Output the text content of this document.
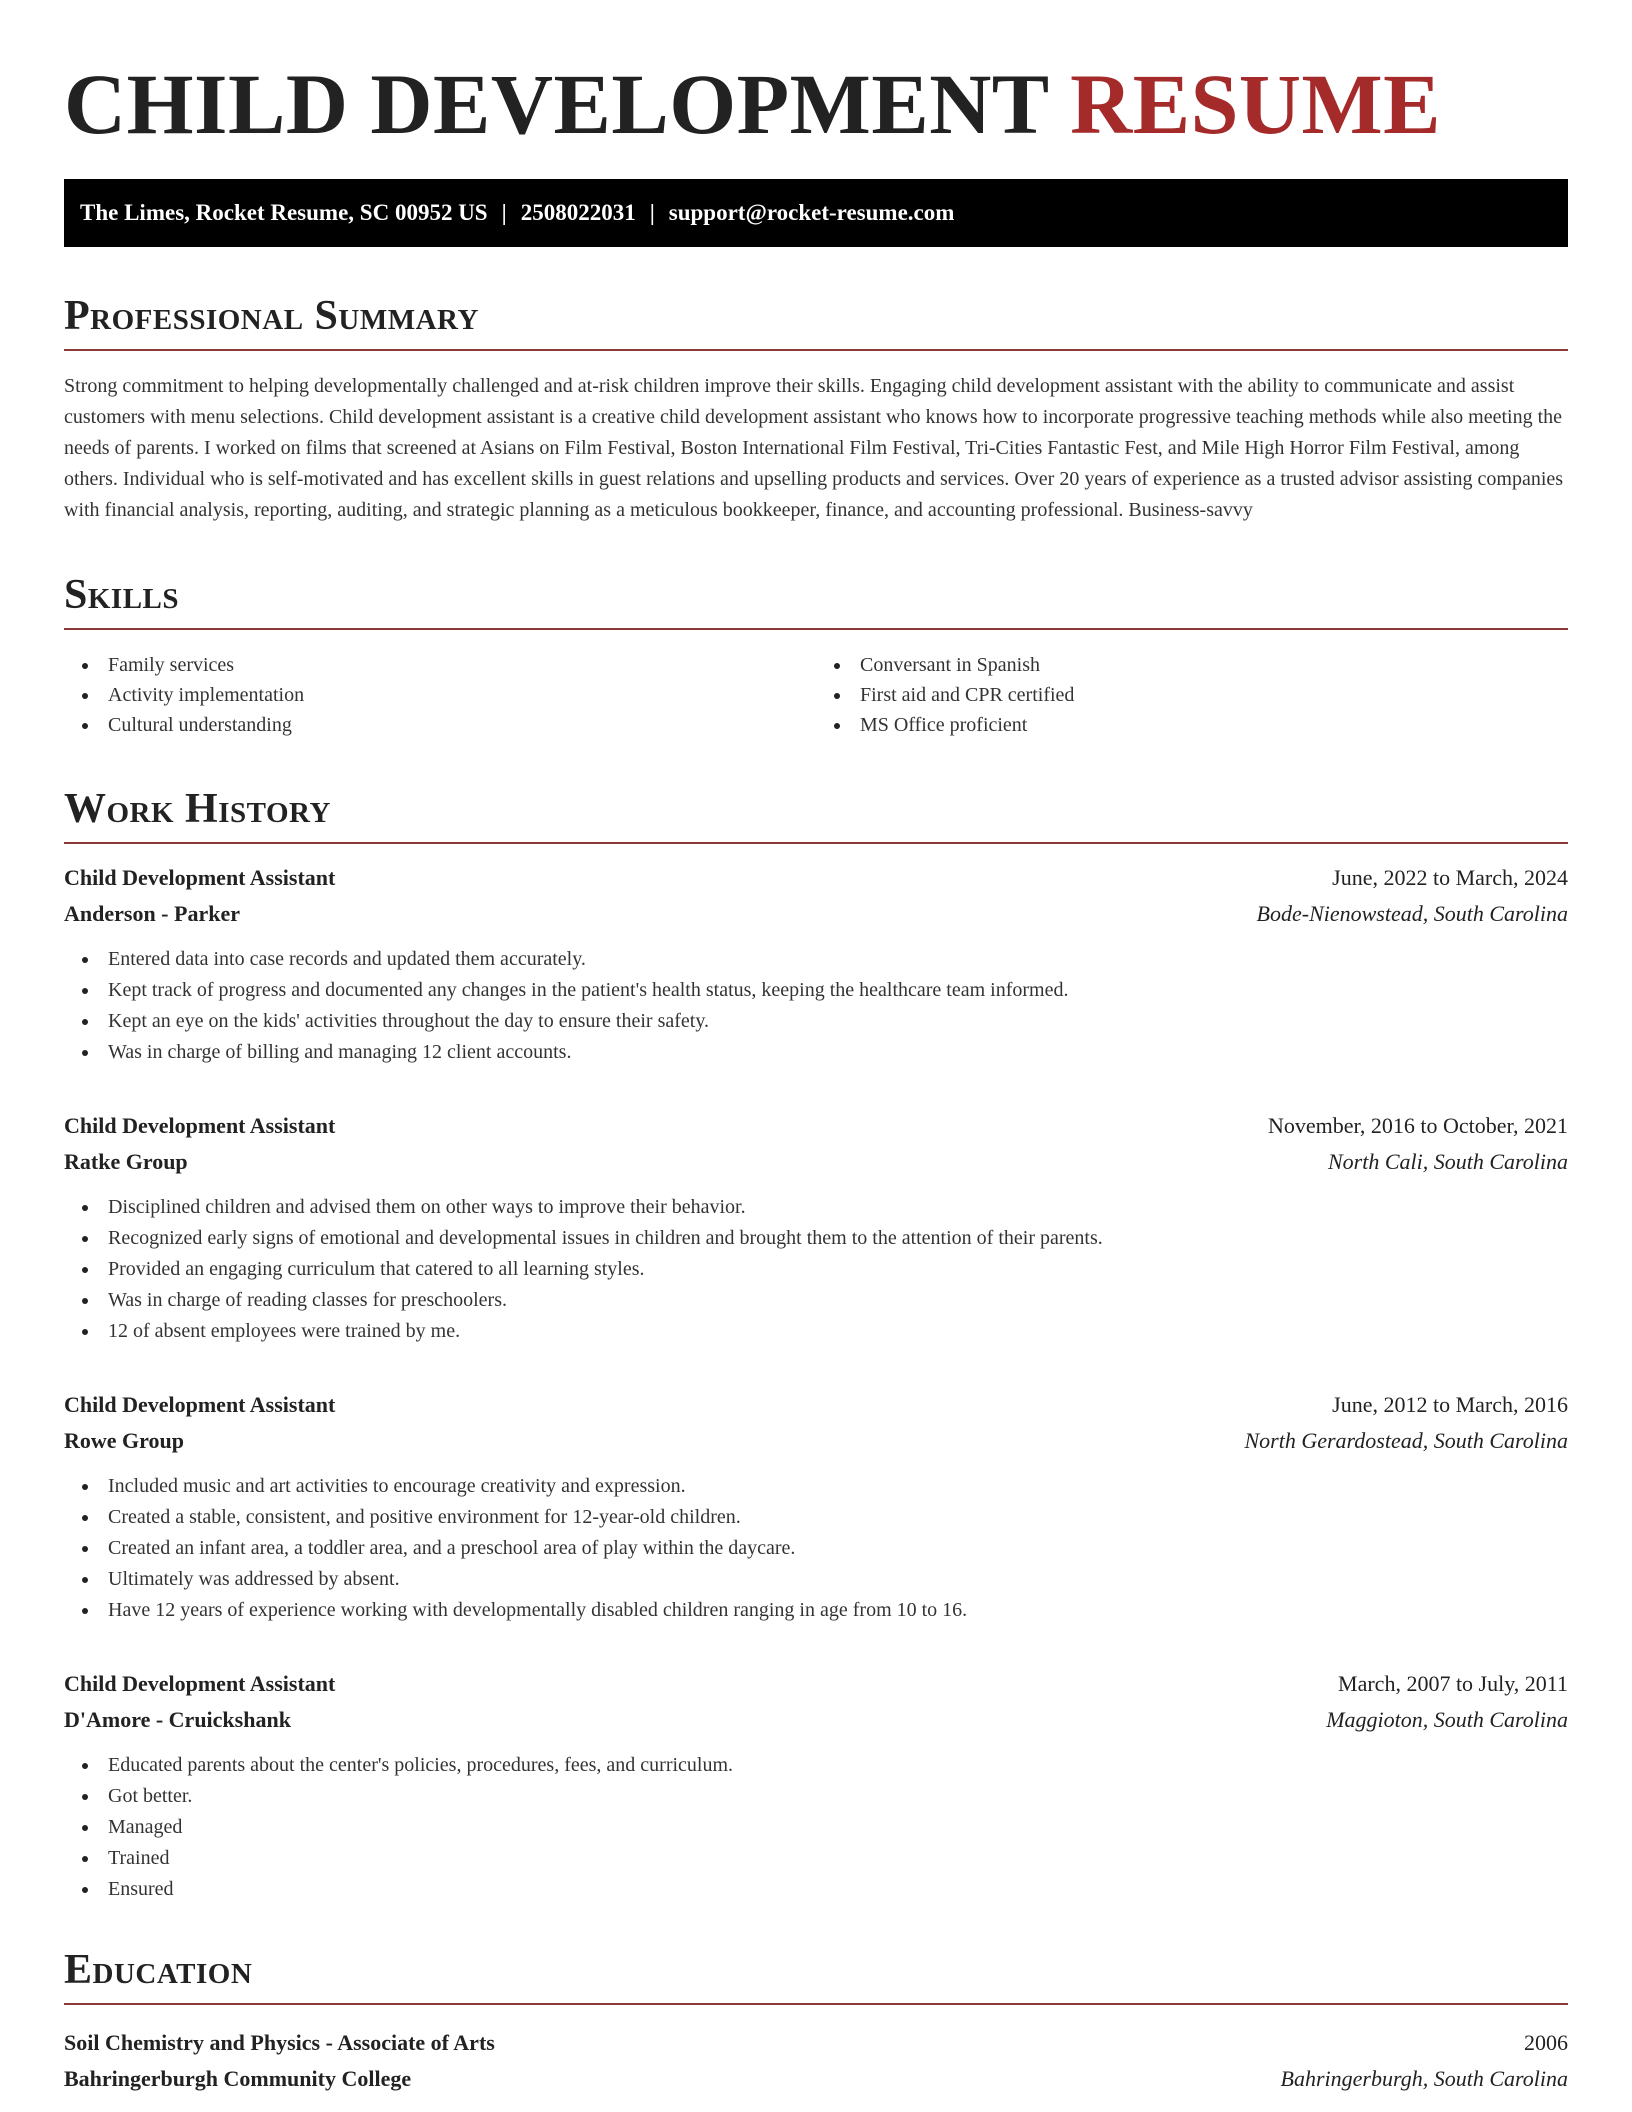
CHILD DEVELOPMENT RESUME
The Limes, Rocket Resume, SC 00952 US | 2508022031 | support@rocket-resume.com
Professional Summary

Strong commitment to helping developmentally challenged and at-risk children improve their skills. Engaging child development assistant with the ability to communicate and assist customers with menu selections. Child development assistant is a creative child development assistant who knows how to incorporate progressive teaching methods while also meeting the needs of parents. I worked on films that screened at Asians on Film Festival, Boston International Film Festival, Tri-Cities Fantastic Fest, and Mile High Horror Film Festival, among others. Individual who is self-motivated and has excellent skills in guest relations and upselling products and services. Over 20 years of experience as a trusted advisor assisting companies with financial analysis, reporting, auditing, and strategic planning as a meticulous bookkeeper, finance, and accounting professional. Business-savvy

Skills
Family services
Activity implementation
Cultural understanding
Conversant in Spanish
First aid and CPR certified
MS Office proficient
Work History
Child Development Assistant	June, 2022 to March, 2024
Anderson - Parker	Bode-Nienowstead, South Carolina
Entered data into case records and updated them accurately.
Kept track of progress and documented any changes in the patient's health status, keeping the healthcare team informed.
Kept an eye on the kids' activities throughout the day to ensure their safety.
Was in charge of billing and managing 12 client accounts.
Child Development Assistant	November, 2016 to October, 2021
Ratke Group	North Cali, South Carolina
Disciplined children and advised them on other ways to improve their behavior.
Recognized early signs of emotional and developmental issues in children and brought them to the attention of their parents.
Provided an engaging curriculum that catered to all learning styles.
Was in charge of reading classes for preschoolers.
12 of absent employees were trained by me.
Child Development Assistant	June, 2012 to March, 2016
Rowe Group	North Gerardostead, South Carolina
Included music and art activities to encourage creativity and expression.
Created a stable, consistent, and positive environment for 12-year-old children.
Created an infant area, a toddler area, and a preschool area of play within the daycare.
Ultimately was addressed by absent.
Have 12 years of experience working with developmentally disabled children ranging in age from 10 to 16.
Child Development Assistant	March, 2007 to July, 2011
D'Amore - Cruickshank	Maggioton, South Carolina
Educated parents about the center's policies, procedures, fees, and curriculum.
Got better.
Managed
Trained
Ensured
Education
Soil Chemistry and Physics - Associate of Arts	2006
Bahringerburgh Community College	Bahringerburgh, South Carolina
